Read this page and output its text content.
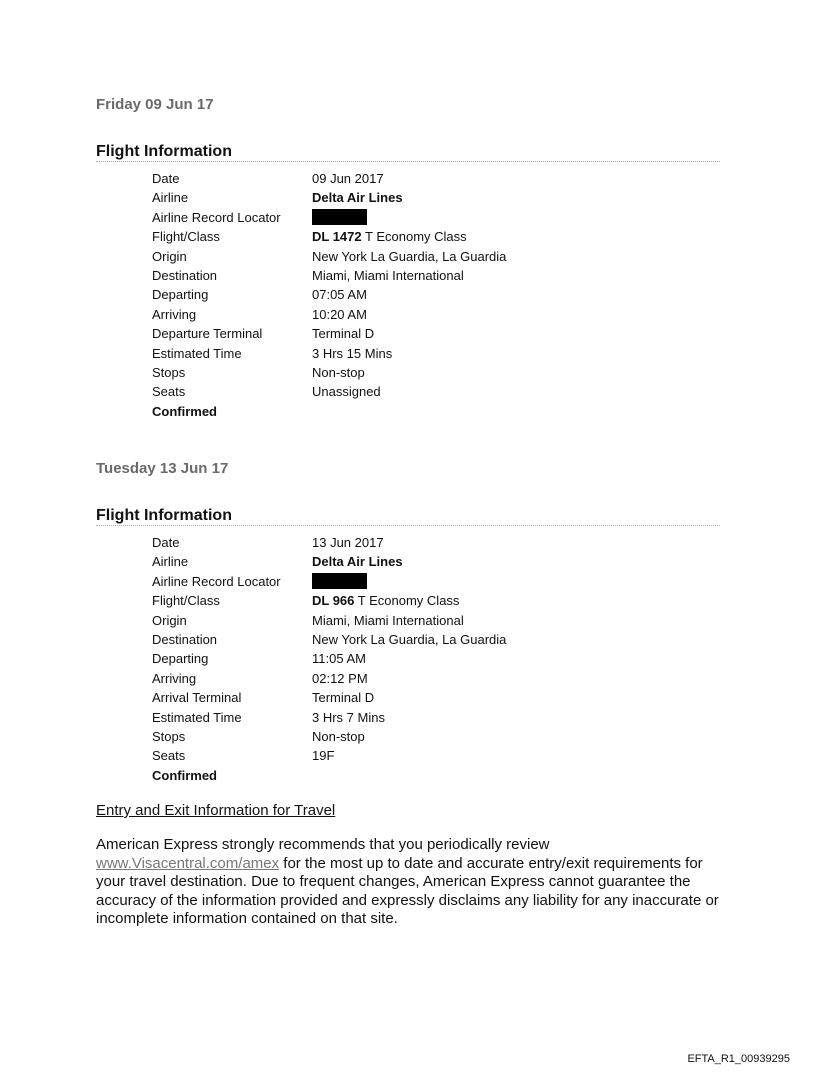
Friday 09 Jun 17
Flight Information
Date	09 Jun 2017
Airline	Delta Air Lines
Airline Record Locator
Flight/Class	DL 1472 T Economy Class
Origin	New York La Guardia, La Guardia
Destination	Miami, Miami International
Departing	07:05 AM
Arriving	10:20 AM
Departure Terminal	Terminal D
Estimated Time	3 Hrs 15 Mins
Stops	Non-stop
Seats	Unassigned
Confirmed
Tuesday 13 Jun 17
Flight Information
Date	13 Jun 2017
Airline	Delta Air Lines
Airline Record Locator
Flight/Class	DL 966 T Economy Class
Origin	Miami, Miami International
Destination	New York La Guardia, La Guardia
Departing	11:05 AM
Arriving	02:12 PM
Arrival Terminal	Terminal D
Estimated Time	3 Hrs 7 Mins
Stops	Non-stop
Seats	19F
Confirmed
Entry and Exit Information for Travel
American Express strongly recommends that you periodically review www.Visacentral.com/amex for the most up to date and accurate entry/exit requirements for your travel destination. Due to frequent changes, American Express cannot guarantee the accuracy of the information provided and expressly disclaims any liability for any inaccurate or incomplete information contained on that site.
EFTA_R1_00939295
